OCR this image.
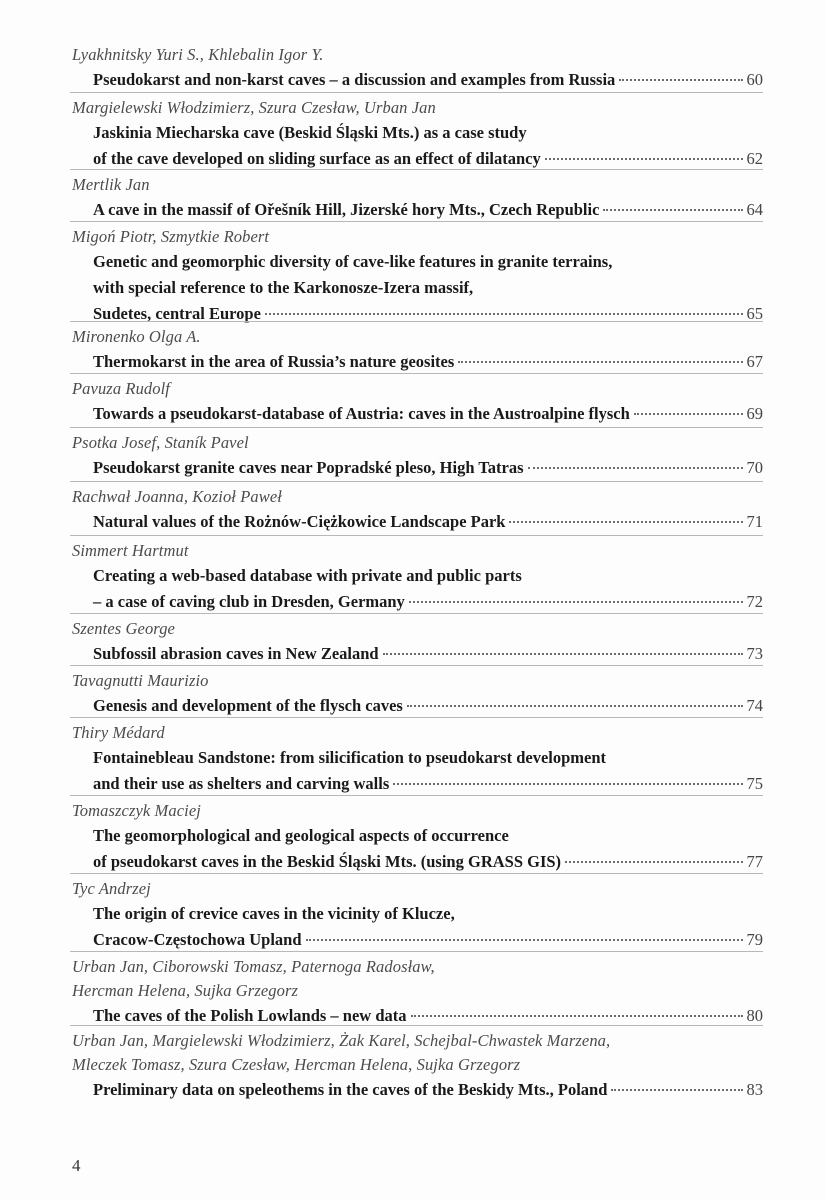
Lyakhnitsky Yuri S., Khlebalin Igor Y.
Pseudokarst and non-karst caves – a discussion and examples from Russia	60
Margielewski Włodzimierz, Szura Czesław, Urban Jan
Jaskinia Miecharska cave (Beskid Śląski Mts.) as a case study
of the cave developed on sliding surface as an effect of dilatancy	62
Mertlik Jan
A cave in the massif of Ořešník Hill, Jizerské hory Mts., Czech Republic	64
Migoń Piotr, Szmytkie Robert
Genetic and geomorphic diversity of cave-like features in granite terrains,
with special reference to the Karkonosze-Izera massif,
Sudetes, central Europe	65
Mironenko Olga A.
Thermokarst in the area of Russia’s nature geosites	67
Pavuza Rudolf
Towards a pseudokarst-database of Austria: caves in the Austroalpine flysch	69
Psotka Josef, Staník Pavel
Pseudokarst granite caves near Popradské pleso, High Tatras	70
Rachwał Joanna, Kozioł Paweł
Natural values of the Rożnów-Ciężkowice Landscape Park	71
Simmert Hartmut
Creating a web-based database with private and public parts
– a case of caving club in Dresden, Germany	72
Szentes George
Subfossil abrasion caves in New Zealand	73
Tavagnutti Maurizio
Genesis and development of the flysch caves	74
Thiry Médard
Fontainebleau Sandstone: from silicification to pseudokarst development
and their use as shelters and carving walls	75
Tomaszczyk Maciej
The geomorphological and geological aspects of occurrence
of pseudokarst caves in the Beskid Śląski Mts. (using GRASS GIS)	77
Tyc Andrzej
The origin of crevice caves in the vicinity of Klucze,
Cracow-Częstochowa Upland	79
Urban Jan, Ciborowski Tomasz, Paternoga Radosław,
Hercman Helena, Sujka Grzegorz
The caves of the Polish Lowlands – new data	80
Urban Jan, Margielewski Włodzimierz, Żak Karel, Schejbal-Chwastek Marzena,
Mleczek Tomasz, Szura Czesław, Hercman Helena, Sujka Grzegorz
Preliminary data on speleothems in the caves of the Beskidy Mts., Poland	83
4
